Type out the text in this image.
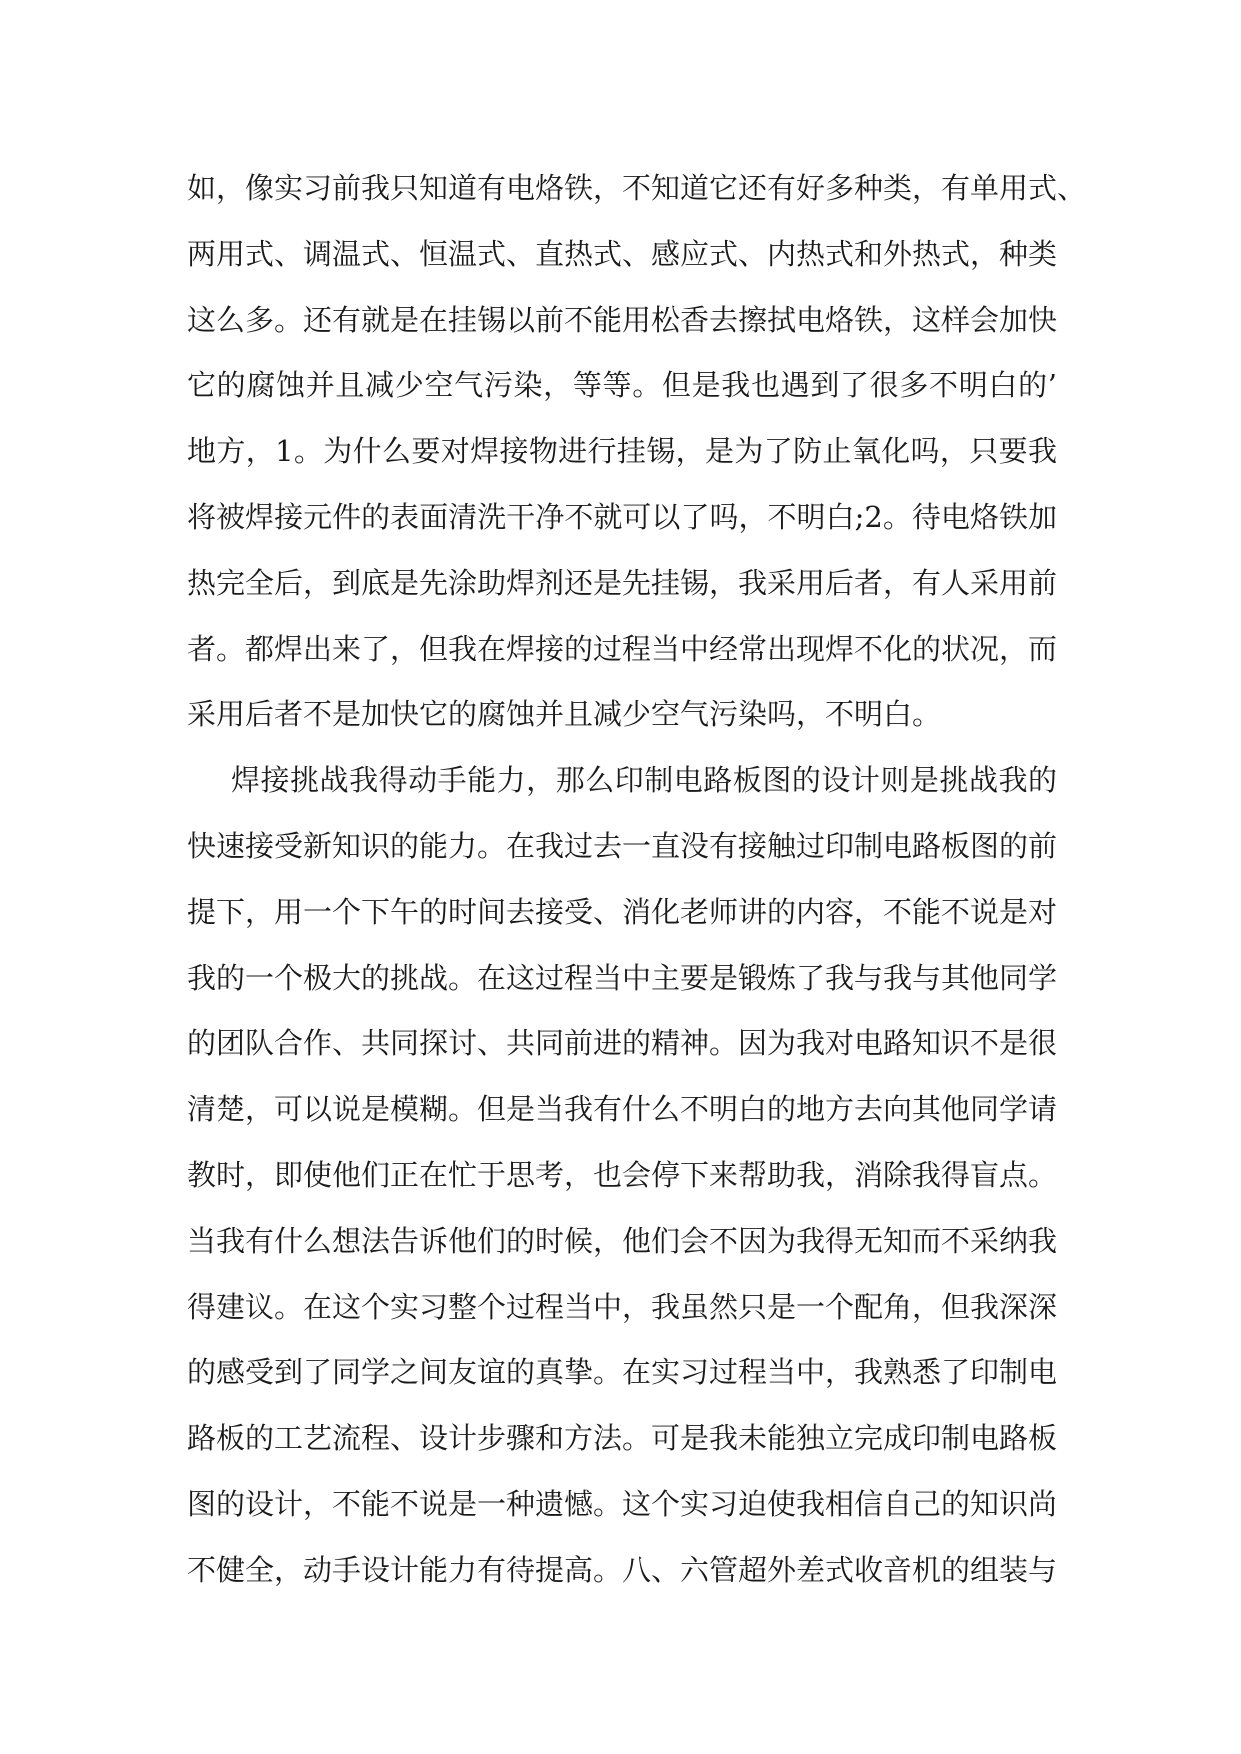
如，像实习前我只知道有电烙铁，不知道它还有好多种类，有单用式、
两用式、调温式、恒温式、直热式、感应式、内热式和外热式，种类
这么多。还有就是在挂锡以前不能用松香去擦拭电烙铁，这样会加快
它的腐蚀并且减少空气污染，等等。但是我也遇到了很多不明白的’
地方，1。为什么要对焊接物进行挂锡，是为了防止氧化吗，只要我
将被焊接元件的表面清洗干净不就可以了吗，不明白;2。待电烙铁加
热完全后，到底是先涂助焊剂还是先挂锡，我采用后者，有人采用前
者。都焊出来了，但我在焊接的过程当中经常出现焊不化的状况，而
采用后者不是加快它的腐蚀并且减少空气污染吗，不明白。
焊接挑战我得动手能力，那么印制电路板图的设计则是挑战我的
快速接受新知识的能力。在我过去一直没有接触过印制电路板图的前
提下，用一个下午的时间去接受、消化老师讲的内容，不能不说是对
我的一个极大的挑战。在这过程当中主要是锻炼了我与我与其他同学
的团队合作、共同探讨、共同前进的精神。因为我对电路知识不是很
清楚，可以说是模糊。但是当我有什么不明白的地方去向其他同学请
教时，即使他们正在忙于思考，也会停下来帮助我，消除我得盲点。
当我有什么想法告诉他们的时候，他们会不因为我得无知而不采纳我
得建议。在这个实习整个过程当中，我虽然只是一个配角，但我深深
的感受到了同学之间友谊的真挚。在实习过程当中，我熟悉了印制电
路板的工艺流程、设计步骤和方法。可是我未能独立完成印制电路板
图的设计，不能不说是一种遗憾。这个实习迫使我相信自己的知识尚
不健全，动手设计能力有待提高。八、六管超外差式收音机的组装与
